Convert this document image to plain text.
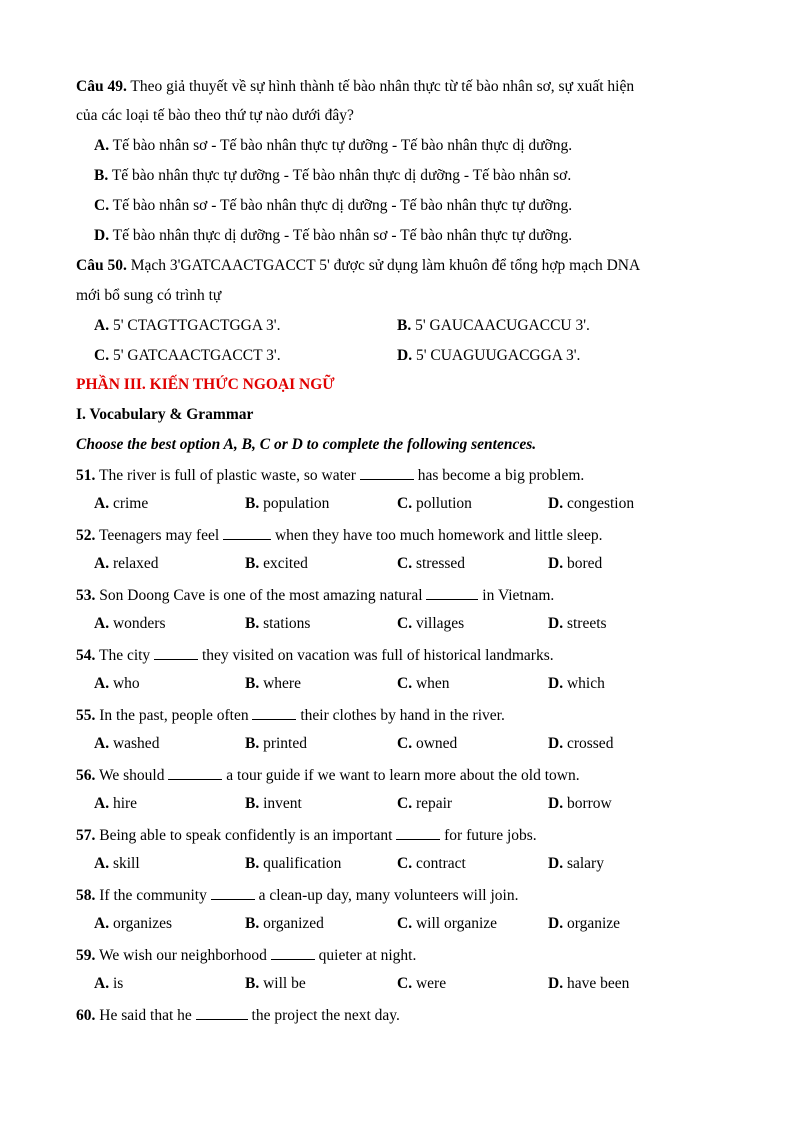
Câu 49. Theo giả thuyết về sự hình thành tế bào nhân thực từ tế bào nhân sơ, sự xuất hiện
của các loại tế bào theo thứ tự nào dưới đây?
A. Tế bào nhân sơ - Tế bào nhân thực tự dưỡng - Tế bào nhân thực dị dưỡng.
B. Tế bào nhân thực tự dưỡng - Tế bào nhân thực dị dưỡng - Tế bào nhân sơ.
C. Tế bào nhân sơ - Tế bào nhân thực dị dưỡng - Tế bào nhân thực tự dưỡng.
D. Tế bào nhân thực dị dưỡng - Tế bào nhân sơ - Tế bào nhân thực tự dưỡng.
Câu 50. Mạch 3'GATCAACTGACCT 5' được sử dụng làm khuôn để tổng hợp mạch DNA
mới bổ sung có trình tự
A. 5' CTAGTTGACTGGA 3'.	B. 5' GAUCAACUGACCU 3'.
C. 5' GATCAACTGACCT 3'.	D. 5' CUAGUUGACGGA 3'.
PHẦN III. KIẾN THỨC NGOẠI NGỮ
I. Vocabulary & Grammar
Choose the best option A, B, C or D to complete the following sentences.
51. The river is full of plastic waste, so water	has become a big problem.
A. crime	B. population	C. pollution	D. congestion
52. Teenagers may feel	when they have too much homework and little sleep.
A. relaxed	B. excited	C. stressed	D. bored
53. Son Doong Cave is one of the most amazing natural	in Vietnam.
A. wonders	B. stations	C. villages	D. streets
54. The city	they visited on vacation was full of historical landmarks.
A. who	B. where	C. when	D. which
55. In the past, people often	their clothes by hand in the river.
A. washed	B. printed	C. owned	D. crossed
56. We should	a tour guide if we want to learn more about the old town.
A. hire	B. invent	C. repair	D. borrow
57. Being able to speak confidently is an important	for future jobs.
A. skill	B. qualification	C. contract	D. salary
58. If the community	a clean-up day, many volunteers will join.
A. organizes	B. organized	C. will organize	D. organize
59. We wish our neighborhood	quieter at night.
A. is	B. will be	C. were	D. have been
60. He said that he	the project the next day.
